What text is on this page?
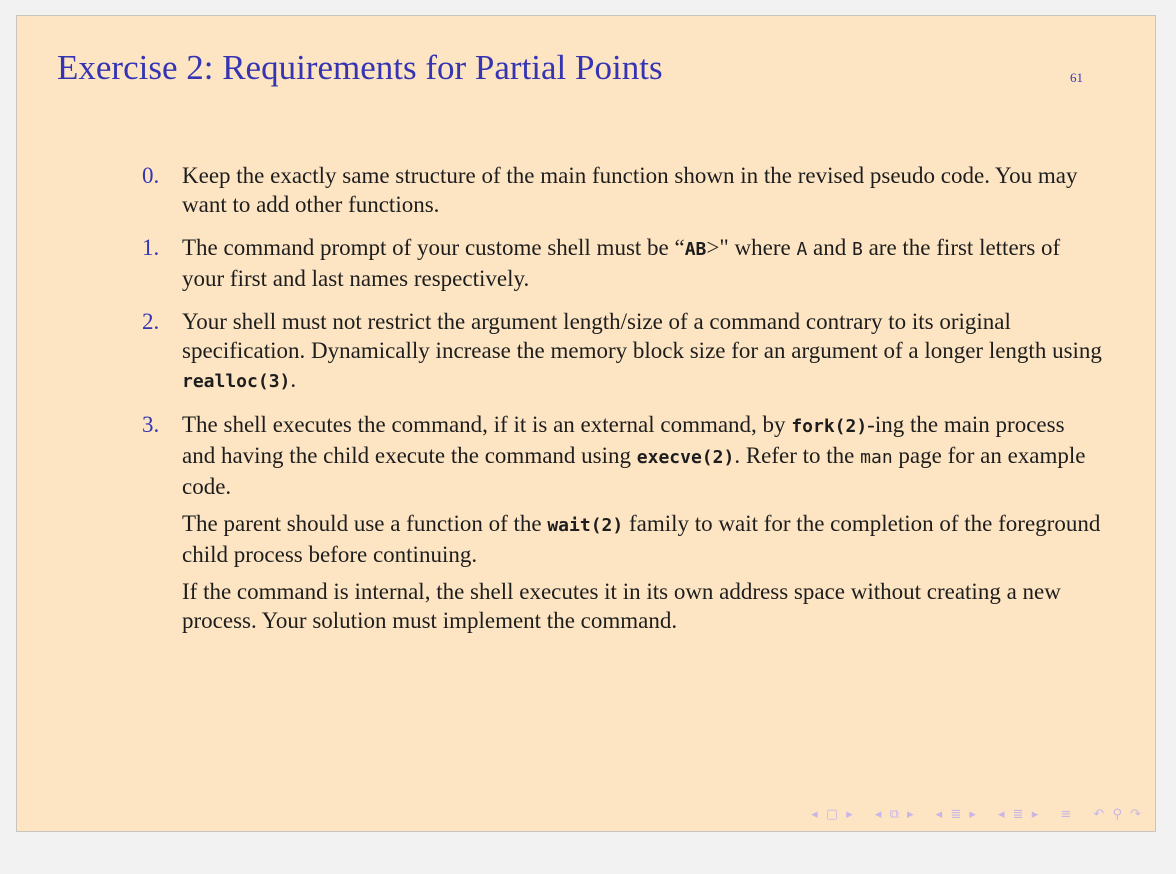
Exercise 2: Requirements for Partial Points	61
0. Keep the exactly same structure of the main function shown in the revised pseudo code. You may want to add other functions.

1. The command prompt of your custome shell must be “AB>" where A and B are the first letters of your first and last names respectively.

2. Your shell must not restrict the argument length/size of a command contrary to its original specification. Dynamically increase the memory block size for an argument of a longer length using realloc(3).

3. The shell executes the command, if it is an external command, by fork(2)-ing the main process and having the child execute the command using execve(2). Refer to the man page for an example code.

The parent should use a function of the wait(2) family to wait for the completion of the foreground child process before continuing.

If the command is internal, the shell executes it in its own address space without creating a new process. Your solution must implement the command.

◂ ▢ ▸ ◂ ⧉ ▸ ◂ ≣ ▸ ◂ ≣ ▸ ≡ ↶ ⚲ ↷
